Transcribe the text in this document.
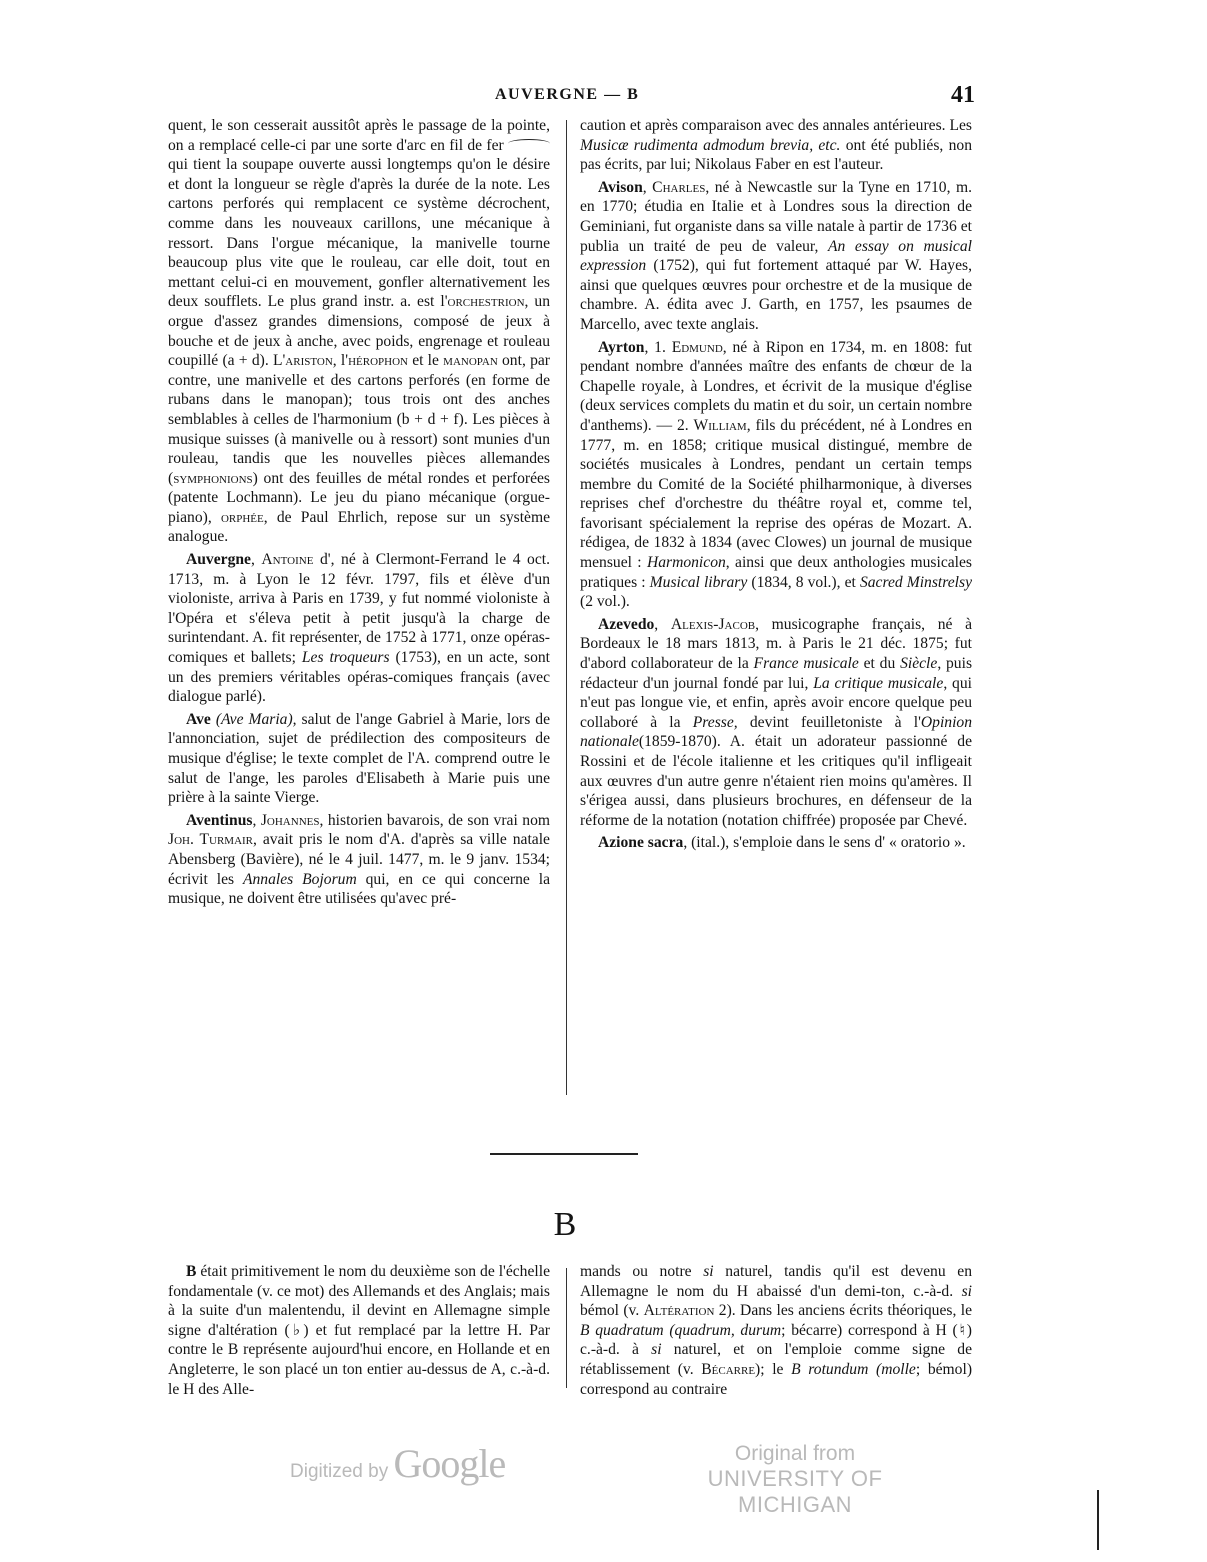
AUVERGNE — B	41

quent, le son cesserait aussitôt après le passage de la pointe, on a remplacé celle-ci par une sorte d'arc en fil de fer  qui tient la soupape ouverte aussi longtemps qu'on le désire et dont la longueur se règle d'après la durée de la note. Les cartons perforés qui remplacent ce système décrochent, comme dans les nouveaux carillons, une mécanique à ressort. Dans l'orgue mécanique, la manivelle tourne beaucoup plus vite que le rouleau, car elle doit, tout en mettant celui-ci en mouvement, gonfler alternativement les deux soufflets. Le plus grand instr. a. est l'orchestrion, un orgue d'assez grandes dimensions, composé de jeux à bouche et de jeux à anche, avec poids, engrenage et rouleau coupillé (a + d). L'ariston, l'hérophon et le manopan ont, par contre, une manivelle et des cartons perforés (en forme de rubans dans le manopan); tous trois ont des anches semblables à celles de l'harmonium (b + d + f). Les pièces à musique suisses (à manivelle ou à ressort) sont munies d'un rouleau, tandis que les nouvelles pièces allemandes (symphonions) ont des feuilles de métal rondes et perforées (patente Lochmann). Le jeu du piano mécanique (orgue-piano), orphée, de Paul Ehrlich, repose sur un système analogue.

Auvergne, Antoine d', né à Clermont-Ferrand le 4 oct. 1713, m. à Lyon le 12 févr. 1797, fils et élève d'un violoniste, arriva à Paris en 1739, y fut nommé violoniste à l'Opéra et s'éleva petit à petit jusqu'à la charge de surintendant. A. fit représenter, de 1752 à 1771, onze opéras-comiques et ballets; Les troqueurs (1753), en un acte, sont un des premiers véritables opéras-comiques français (avec dialogue parlé).

Ave (Ave Maria), salut de l'ange Gabriel à Marie, lors de l'annonciation, sujet de prédilection des compositeurs de musique d'église; le texte complet de l'A. comprend outre le salut de l'ange, les paroles d'Elisabeth à Marie puis une prière à la sainte Vierge.

Aventinus, Johannes, historien bavarois, de son vrai nom Joh. Turmair, avait pris le nom d'A. d'après sa ville natale Abensberg (Bavière), né le 4 juil. 1477, m. le 9 janv. 1534; écrivit les Annales Bojorum qui, en ce qui concerne la musique, ne doivent être utilisées qu'avec pré-

caution et après comparaison avec des annales antérieures. Les Musicæ rudimenta admodum brevia, etc. ont été publiés, non pas écrits, par lui; Nikolaus Faber en est l'auteur.

Avison, Charles, né à Newcastle sur la Tyne en 1710, m. en 1770; étudia en Italie et à Londres sous la direction de Geminiani, fut organiste dans sa ville natale à partir de 1736 et publia un traité de peu de valeur, An essay on musical expression (1752), qui fut fortement attaqué par W. Hayes, ainsi que quelques œuvres pour orchestre et de la musique de chambre. A. édita avec J. Garth, en 1757, les psaumes de Marcello, avec texte anglais.

Ayrton, 1. Edmund, né à Ripon en 1734, m. en 1808: fut pendant nombre d'années maître des enfants de chœur de la Chapelle royale, à Londres, et écrivit de la musique d'église (deux services complets du matin et du soir, un certain nombre d'anthems). — 2. William, fils du précédent, né à Londres en 1777, m. en 1858; critique musical distingué, membre de sociétés musicales à Londres, pendant un certain temps membre du Comité de la Société philharmonique, à diverses reprises chef d'orchestre du théâtre royal et, comme tel, favorisant spécialement la reprise des opéras de Mozart. A. rédigea, de 1832 à 1834 (avec Clowes) un journal de musique mensuel : Harmonicon, ainsi que deux anthologies musicales pratiques : Musical library (1834, 8 vol.), et Sacred Minstrelsy (2 vol.).

Azevedo, Alexis-Jacob, musicographe français, né à Bordeaux le 18 mars 1813, m. à Paris le 21 déc. 1875; fut d'abord collaborateur de la France musicale et du Siècle, puis rédacteur d'un journal fondé par lui, La critique musicale, qui n'eut pas longue vie, et enfin, après avoir encore quelque peu collaboré à la Presse, devint feuilletoniste à l'Opinion nationale(1859-1870). A. était un adorateur passionné de Rossini et de l'école italienne et les critiques qu'il infligeait aux œuvres d'un autre genre n'étaient rien moins qu'amères. Il s'érigea aussi, dans plusieurs brochures, en défenseur de la réforme de la notation (notation chiffrée) proposée par Chevé.

Azione sacra, (ital.), s'emploie dans le sens d' « oratorio ».

B

B était primitivement le nom du deuxième son de l'échelle fondamentale (v. ce mot) des Allemands et des Anglais; mais à la suite d'un malentendu, il devint en Allemagne simple signe d'altération (♭) et fut remplacé par la lettre H. Par contre le B représente aujourd'hui encore, en Hollande et en Angleterre, le son placé un ton entier au-dessus de A, c.-à-d. le H des Alle-

mands ou notre si naturel, tandis qu'il est devenu en Allemagne le nom du H abaissé d'un demi-ton, c.-à-d. si bémol (v. Altération 2). Dans les anciens écrits théoriques, le B quadratum (quadrum, durum; bécarre) correspond à H (♮) c.-à-d. à si naturel, et on l'emploie comme signe de rétablissement (v. Bécarre); le B rotundum (molle; bémol) correspond au contraire

Digitized by Google	Original from
UNIVERSITY OF MICHIGAN
